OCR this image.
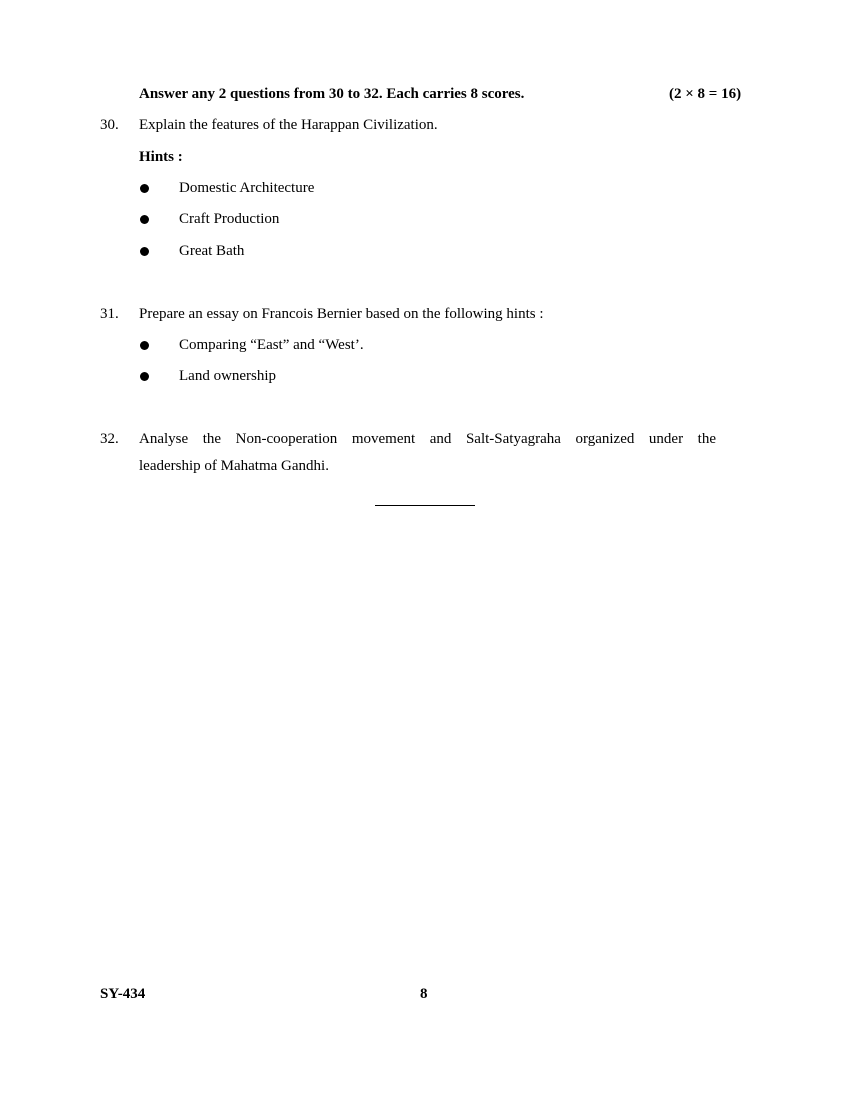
Answer any 2 questions from 30 to 32. Each carries 8 scores.	(2 × 8 = 16)
30. Explain the features of the Harappan Civilization.
Hints :
Domestic Architecture
Craft Production
Great Bath
31. Prepare an essay on Francois Bernier based on the following hints :
Comparing “East” and “West’.
Land ownership
32. Analyse the Non-cooperation movement and Salt-Satyagraha organized under the
leadership of Mahatma Gandhi.
SY-434	8
